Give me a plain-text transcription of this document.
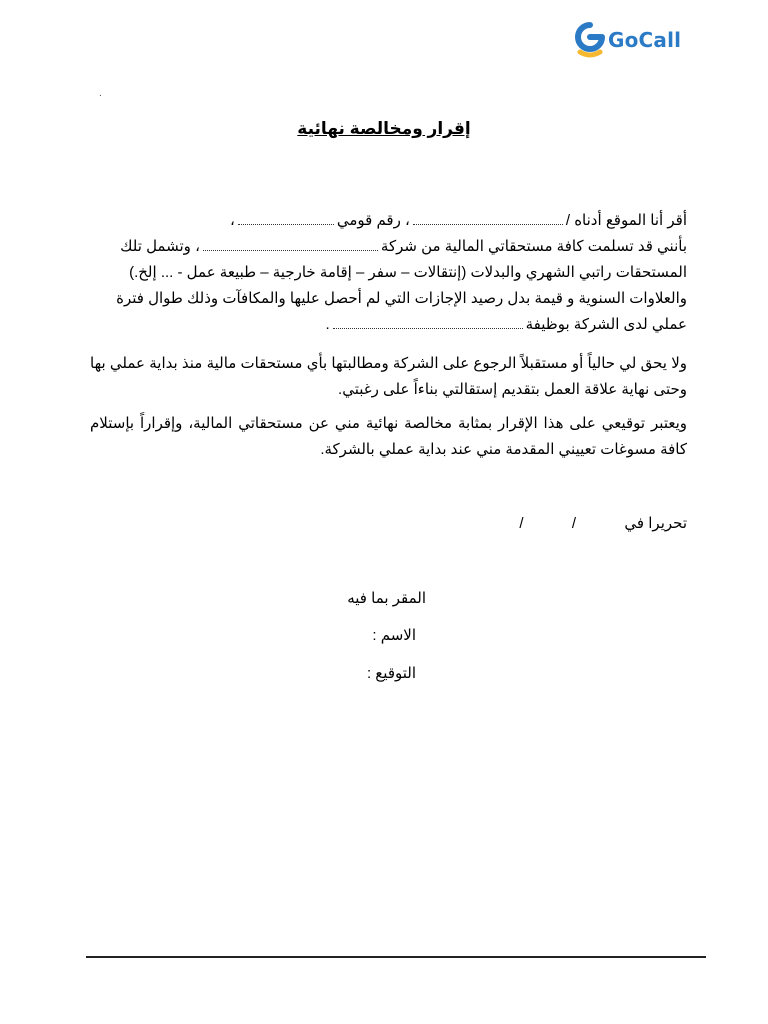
GoCall
.
إقرار ومخالصة نهائية

أقر أنا الموقع أدناه /، رقم قومي،

بأنني قد تسلمت كافة مستحقاتي المالية من شركة، وتشمل تلك

المستحقات راتبي الشهري والبدلات (إنتقالات – سفر – إقامة خارجية – طبيعة عمل - ... إلخ.)

والعلاوات السنوية و قيمة بدل رصيد الإجازات التي لم أحصل عليها والمكافآت وذلك طوال فترة

عملي لدى الشركة بوظيفة.

ولا يحق لي حالياً أو مستقبلاً الرجوع على الشركة ومطالبتها بأي مستحقات مالية منذ بداية عملي بها وحتى نهاية علاقة العمل بتقديم إستقالتي بناءاً على رغبتي.

ويعتبر توقيعي على هذا الإقرار بمثابة مخالصة نهائية مني عن مستحقاتي المالية، وإقراراً بإستلام كافة مسوغات تعييني المقدمة مني عند بداية عملي بالشركة.

تحريرا في  /  /
المقر بما فيه
الاسم :
التوقيع :
